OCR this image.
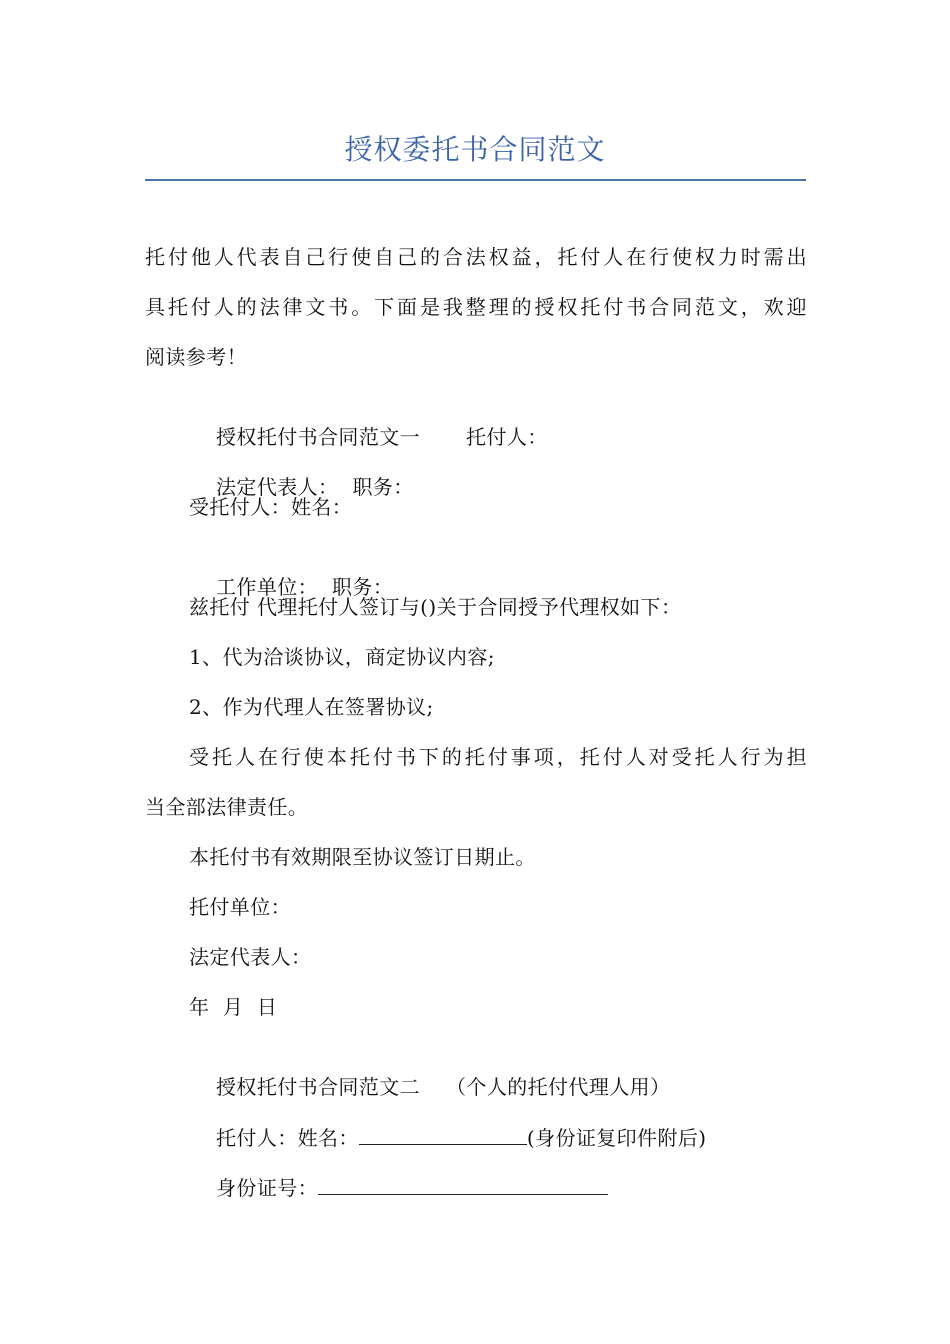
授权委托书合同范文
托付他人代表自己行使自己的合法权益，托付人在行使权力时需出
具托付人的法律文书。下面是我整理的授权托付书合同范文，欢迎
阅读参考！

授权托付书合同范文一 托付人：

法定代表人： 职务：

受托付人：姓名：

工作单位： 职务：

兹托付 代理托付人签订与()关于合同授予代理权如下：
1、代为洽谈协议，商定协议内容;
2、作为代理人在签署协议;
受托人在行使本托付书下的托付事项，托付人对受托人行为担
当全部法律责任。
本托付书有效期限至协议签订日期止。
托付单位：
法定代表人：
年  月  日

授权托付书合同范文二 （个人的托付代理人用）

托付人：姓名：	(身份证复印件附后)

身份证号：
